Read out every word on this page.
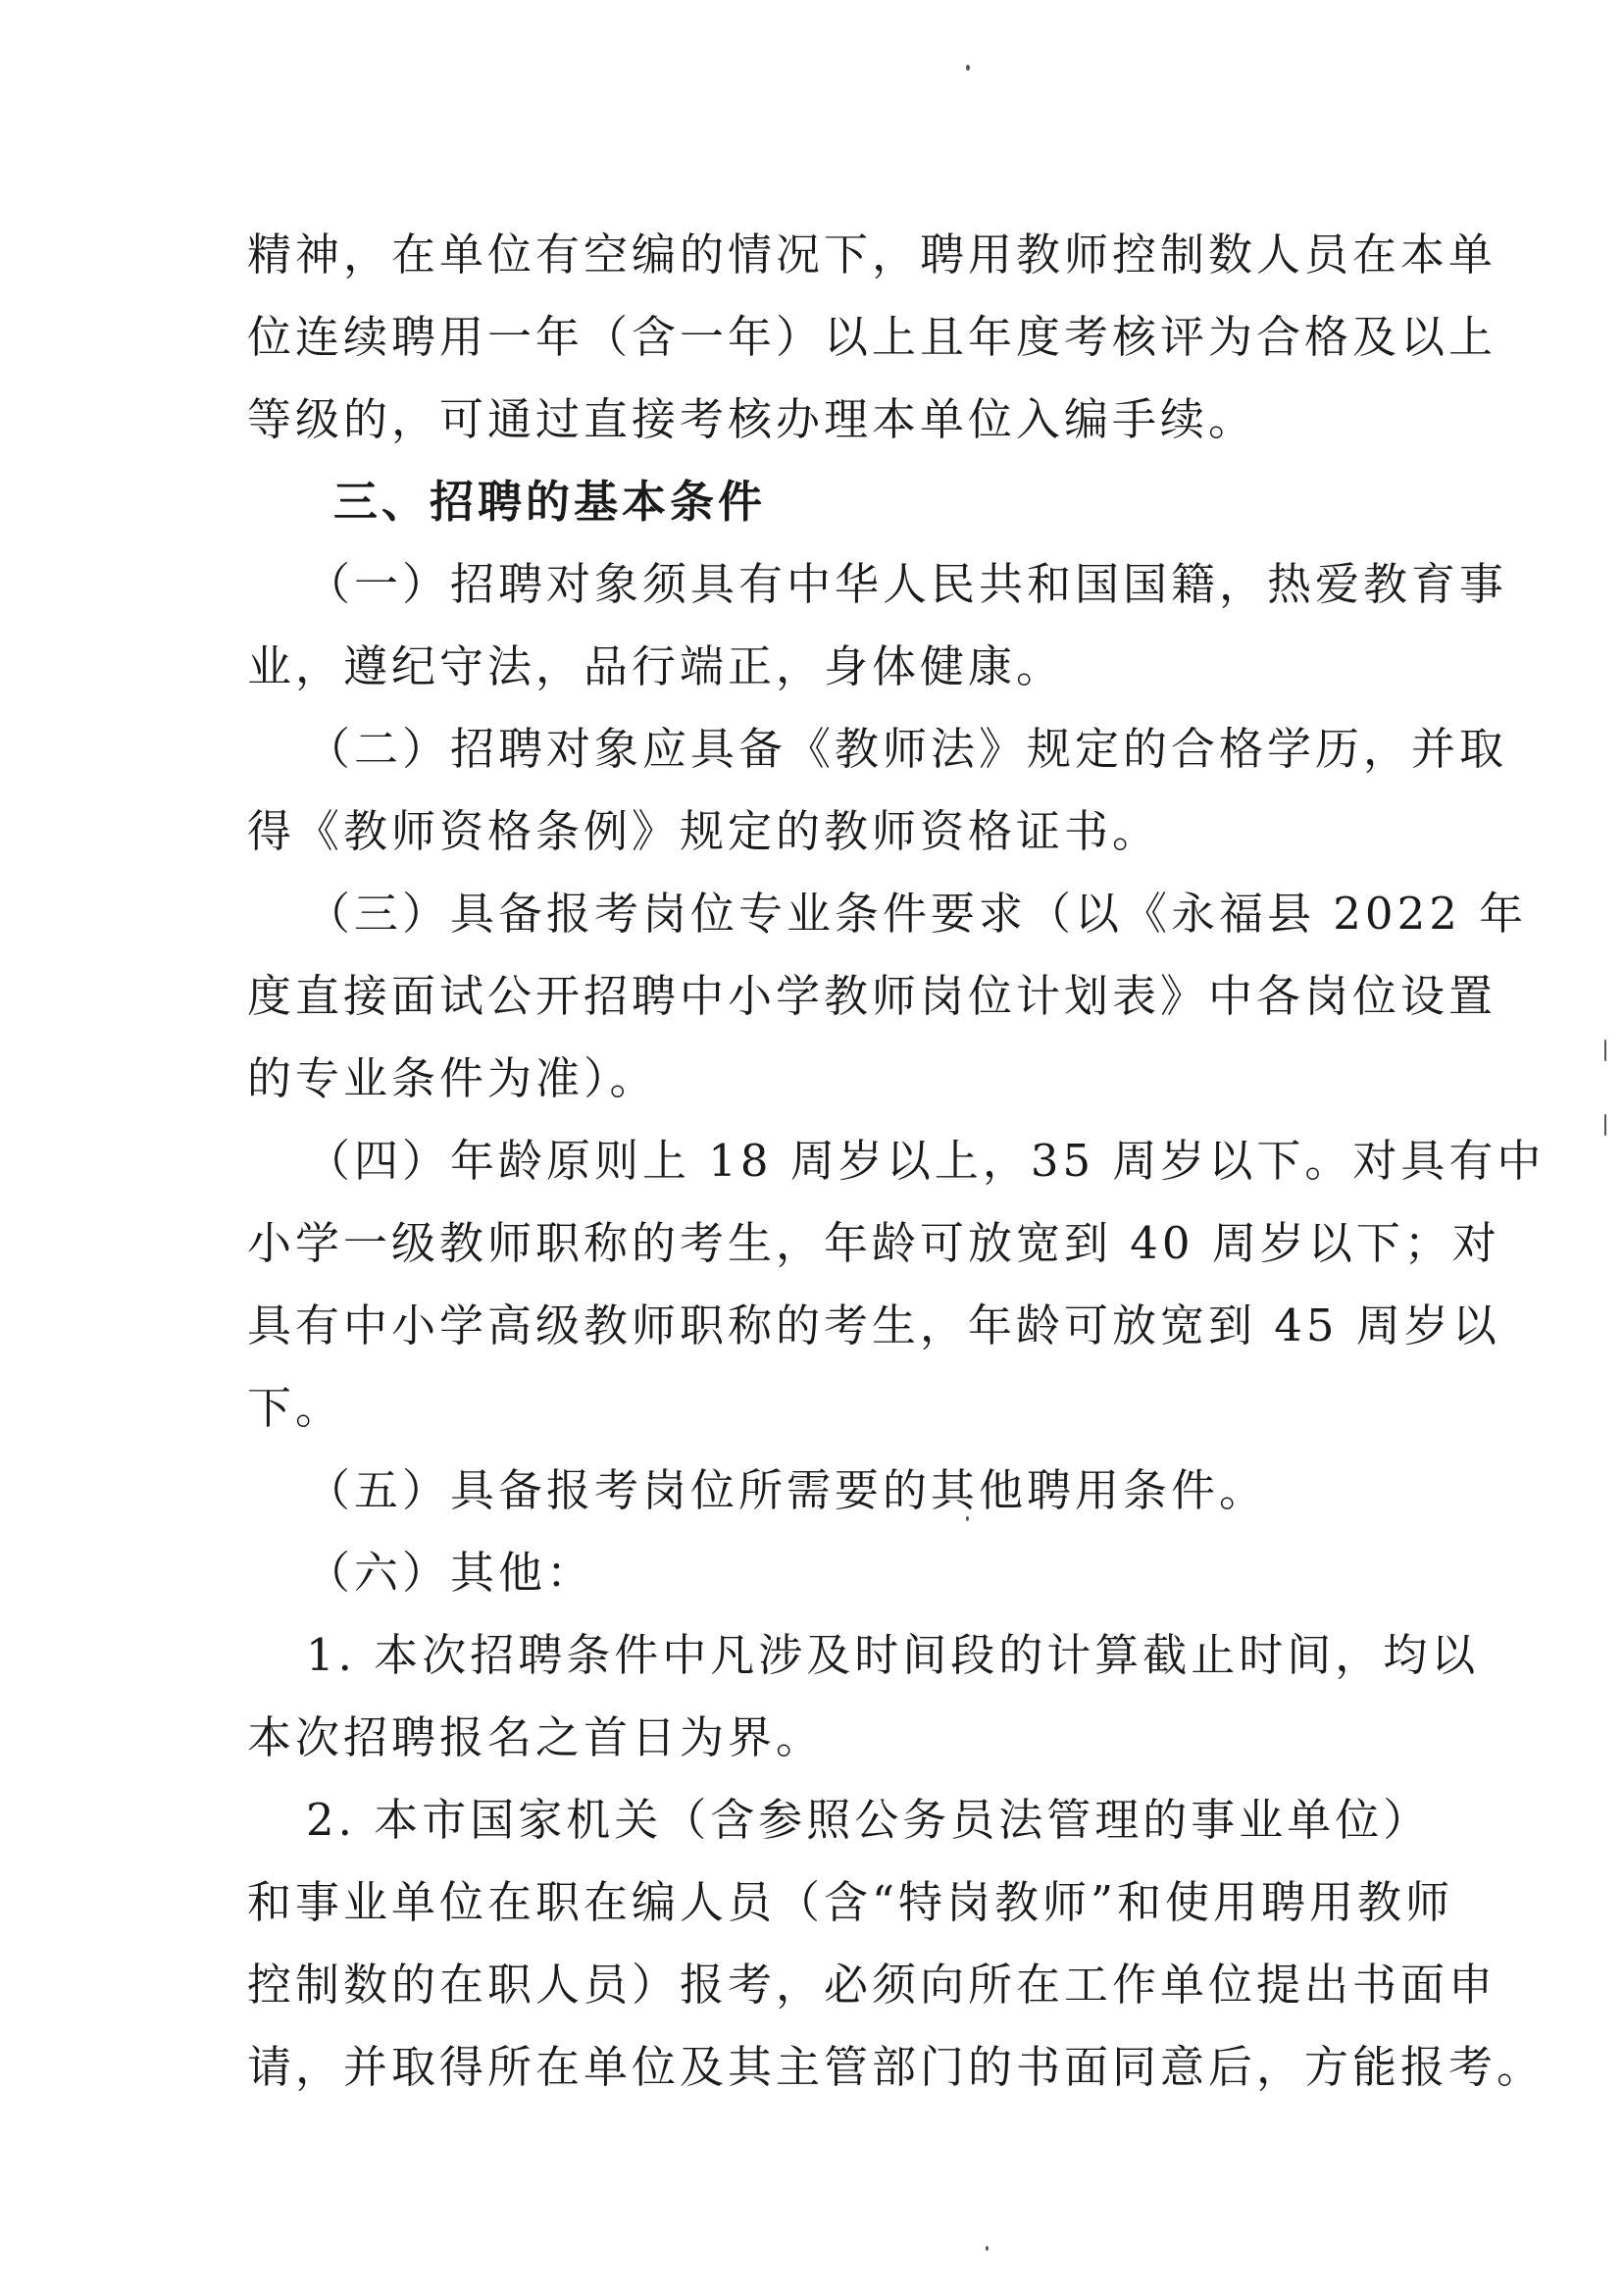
精神，在单位有空编的情况下，聘用教师控制数人员在本单
位连续聘用一年（含一年）以上且年度考核评为合格及以上
等级的，可通过直接考核办理本单位入编手续。
三、招聘的基本条件
（一）招聘对象须具有中华人民共和国国籍，热爱教育事
业，遵纪守法，品行端正，身体健康。
（二）招聘对象应具备《教师法》规定的合格学历，并取
得《教师资格条例》规定的教师资格证书。
（三）具备报考岗位专业条件要求（以《永福县 2022 年
度直接面试公开招聘中小学教师岗位计划表》中各岗位设置
的专业条件为准）。
（四）年龄原则上 18 周岁以上，35 周岁以下。对具有中
小学一级教师职称的考生，年龄可放宽到 40 周岁以下；对
具有中小学高级教师职称的考生，年龄可放宽到 45 周岁以
下。
（五）具备报考岗位所需要的其他聘用条件。
（六）其他：
1. 本次招聘条件中凡涉及时间段的计算截止时间，均以
本次招聘报名之首日为界。
2. 本市国家机关（含参照公务员法管理的事业单位）
和事业单位在职在编人员（含“特岗教师”和使用聘用教师
控制数的在职人员）报考，必须向所在工作单位提出书面申
请，并取得所在单位及其主管部门的书面同意后，方能报考。
